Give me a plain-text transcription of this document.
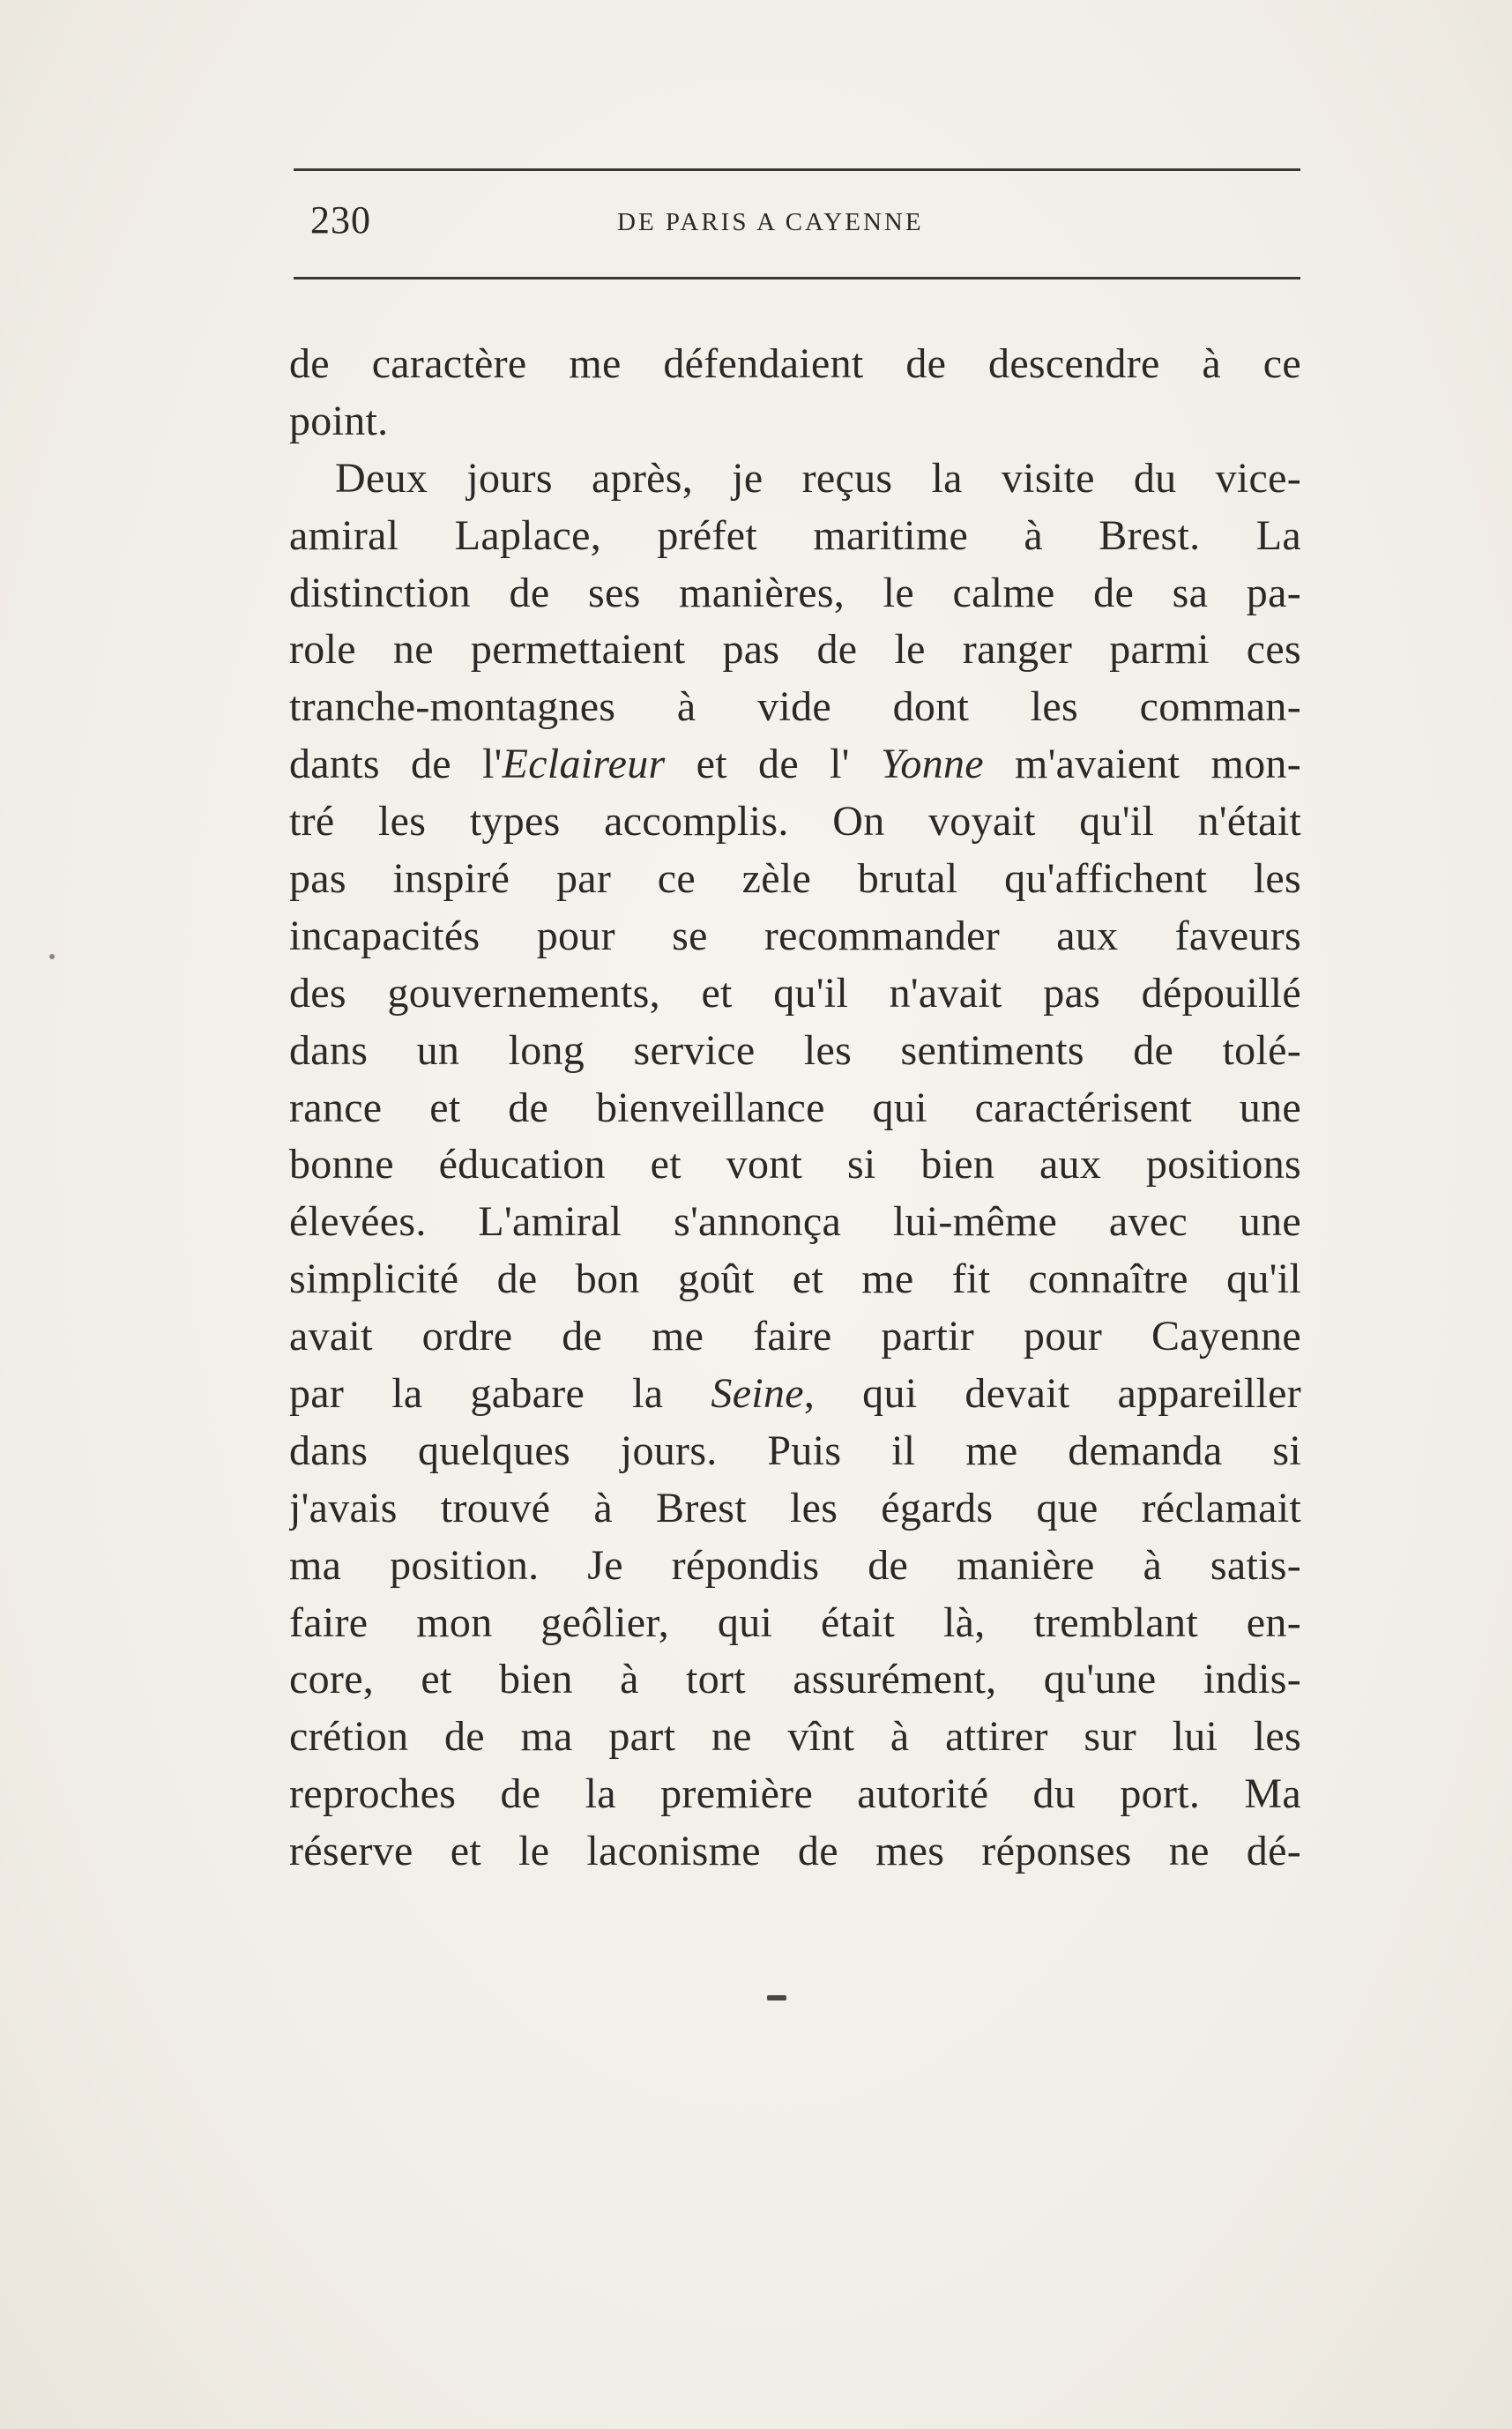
230	DE PARIS A CAYENNE
de caractère me défendaient de descendre à ce
point.
Deux jours après, je reçus la visite du vice-
amiral Laplace, préfet maritime à Brest. La
distinction de ses manières, le calme de sa pa-
role ne permettaient pas de le ranger parmi ces
tranche-montagnes à vide dont les comman-
dants de l'Eclaireur et de l' Yonne m'avaient mon-
tré les types accomplis. On voyait qu'il n'était
pas inspiré par ce zèle brutal qu'affichent les
incapacités pour se recommander aux faveurs
des gouvernements, et qu'il n'avait pas dépouillé
dans un long service les sentiments de tolé-
rance et de bienveillance qui caractérisent une
bonne éducation et vont si bien aux positions
élevées. L'amiral s'annonça lui-même avec une
simplicité de bon goût et me fit connaître qu'il
avait ordre de me faire partir pour Cayenne
par la gabare la Seine, qui devait appareiller
dans quelques jours. Puis il me demanda si
j'avais trouvé à Brest les égards que réclamait
ma position. Je répondis de manière à satis-
faire mon geôlier, qui était là, tremblant en-
core, et bien à tort assurément, qu'une indis-
crétion de ma part ne vînt à attirer sur lui les
reproches de la première autorité du port. Ma
réserve et le laconisme de mes réponses ne dé-
